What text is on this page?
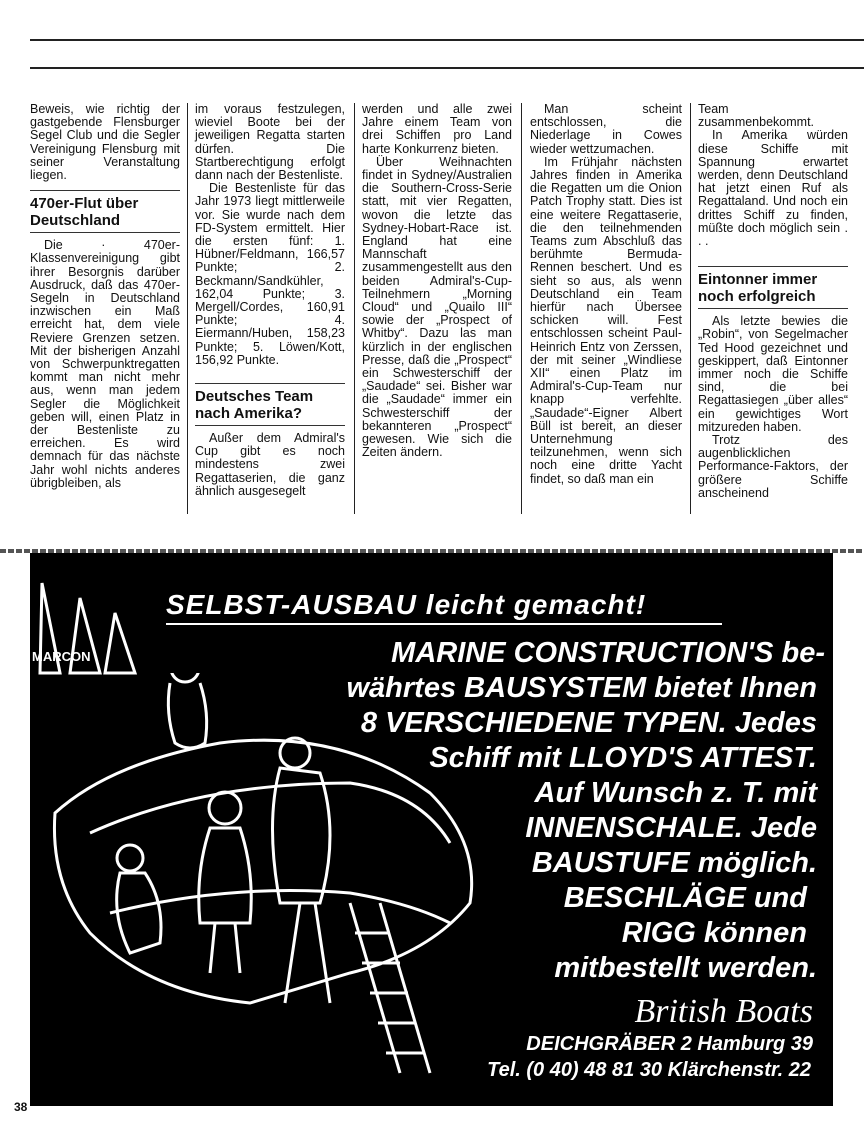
Beweis, wie richtig der gastgebende Flensburger Segel Club und die Segler Vereinigung Flensburg mit seiner Veranstaltung liegen.

470er-Flut über Deutschland

Die · 470er-Klassenvereinigung gibt ihrer Besorgnis darüber Ausdruck, daß das 470er-Segeln in Deutschland inzwischen ein Maß erreicht hat, dem viele Reviere Grenzen setzen. Mit der bisherigen Anzahl von Schwerpunktregatten kommt man nicht mehr aus, wenn man jedem Segler die Möglichkeit geben will, einen Platz in der Bestenliste zu erreichen. Es wird demnach für das nächste Jahr wohl nichts anderes übrigbleiben, als

im voraus festzulegen, wieviel Boote bei der jeweiligen Regatta starten dürfen. Die Startberechtigung erfolgt dann nach der Bestenliste.

Die Bestenliste für das Jahr 1973 liegt mittlerweile vor. Sie wurde nach dem FD-System ermittelt. Hier die ersten fünf: 1. Hübner/Feldmann, 166,57 Punkte; 2. Beckmann/Sandkühler, 162,04 Punkte; 3. Mergell/Cordes, 160,91 Punkte; 4. Eiermann/Huben, 158,23 Punkte; 5. Löwen/Kott, 156,92 Punkte.

Deutsches Team nach Amerika?

Außer dem Admiral's Cup gibt es noch mindestens zwei Regattaserien, die ganz ähnlich ausgesegelt

werden und alle zwei Jahre einem Team von drei Schiffen pro Land harte Konkurrenz bieten.

Über Weihnachten findet in Sydney/Australien die Southern-Cross-Serie statt, mit vier Regatten, wovon die letzte das Sydney-Hobart-Race ist. England hat eine Mannschaft zusammengestellt aus den beiden Admiral's-Cup-Teilnehmern „Morning Cloud“ und „Quailo III“ sowie der „Prospect of Whitby“. Dazu las man kürzlich in der englischen Presse, daß die „Prospect“ ein Schwesterschiff der „Saudade“ sei. Bisher war die „Saudade“ immer ein Schwesterschiff der bekannteren „Prospect“ gewesen. Wie sich die Zeiten ändern.

Man scheint entschlossen, die Niederlage in Cowes wieder wettzumachen.

Im Frühjahr nächsten Jahres finden in Amerika die Regatten um die Onion Patch Trophy statt. Dies ist eine weitere Regattaserie, die den teilnehmenden Teams zum Abschluß das berühmte Bermuda-Rennen beschert. Und es sieht so aus, als wenn Deutschland ein Team hierfür nach Übersee schicken will. Fest entschlossen scheint Paul-Heinrich Entz von Zerssen, der mit seiner „Windliese XII“ einen Platz im Admiral's-Cup-Team nur knapp verfehlte. „Saudade“-Eigner Albert Büll ist bereit, an dieser Unternehmung teilzunehmen, wenn sich noch eine dritte Yacht findet, so daß man ein

Team zusammenbekommt.

In Amerika würden diese Schiffe mit Spannung erwartet werden, denn Deutschland hat jetzt einen Ruf als Regattaland. Und noch ein drittes Schiff zu finden, müßte doch möglich sein . . .

Eintonner immer noch erfolgreich

Als letzte bewies die „Robin“, von Segelmacher Ted Hood gezeichnet und geskippert, daß Eintonner immer noch die Schiffe sind, die bei Regattasiegen „über alles“ ein gewichtiges Wort mitzureden haben.

Trotz des augenblicklichen Performance-Faktors, der größere Schiffe anscheinend

MARCON
SELBST-AUSBAU leicht gemacht!
MARINE CONSTRUCTION'S be-
währtes BAUSYSTEM bietet Ihnen
8 VERSCHIEDENE TYPEN. Jedes
Schiff mit LLOYD'S ATTEST.
Auf Wunsch z. T. mit
INNENSCHALE. Jede
BAUSTUFE möglich.
BESCHLÄGE und
RIGG können
mitbestellt werden.
British Boats
DEICHGRÄBER 2 Hamburg 39
Tel. (0 40) 48 81 30 Klärchenstr. 22
38
